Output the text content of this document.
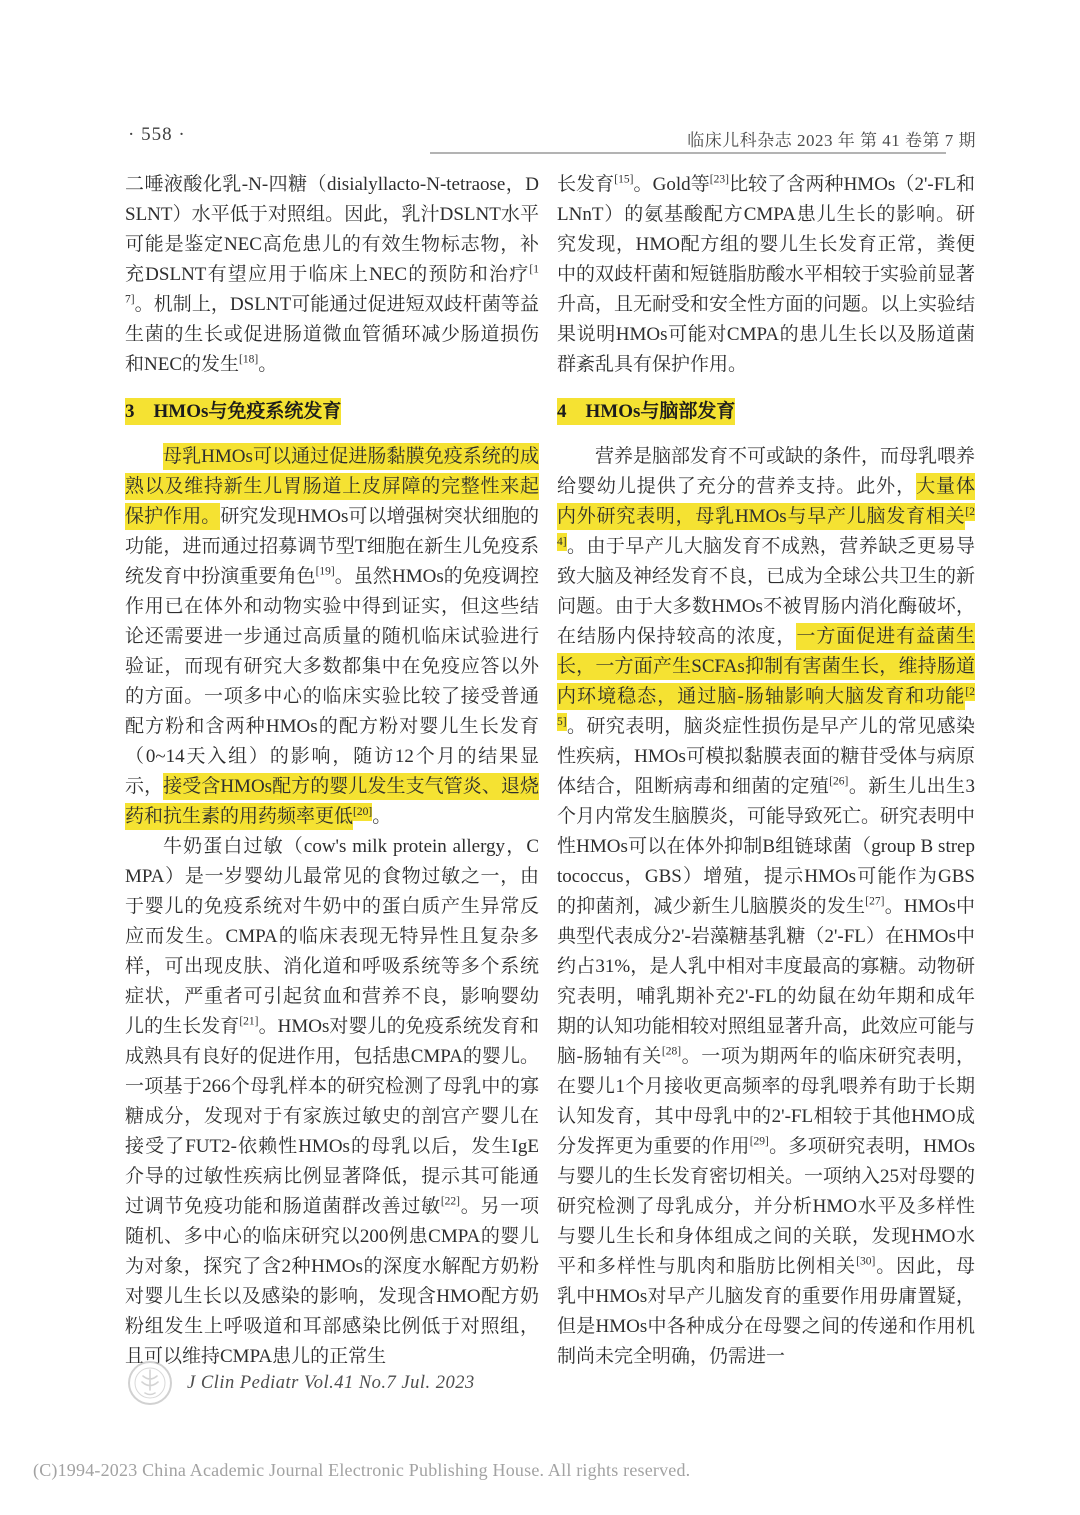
· 558 ·	临床儿科杂志 2023 年 第 41 卷第 7 期
二唾液酸化乳-N-四糖（disialyllacto-N-tetraose，DSLNT）水平低于对照组。因此，乳汁DSLNT水平可能是鉴定NEC高危患儿的有效生物标志物，补充DSLNT有望应用于临床上NEC的预防和治疗[17]。机制上，DSLNT可能通过促进短双歧杆菌等益生菌的生长或促进肠道微血管循环减少肠道损伤和NEC的发生[18]。
3　HMOs与免疫系统发育
母乳HMOs可以通过促进肠黏膜免疫系统的成熟以及维持新生儿胃肠道上皮屏障的完整性来起保护作用。研究发现HMOs可以增强树突状细胞的功能，进而通过招募调节型T细胞在新生儿免疫系统发育中扮演重要角色[19]。虽然HMOs的免疫调控作用已在体外和动物实验中得到证实，但这些结论还需要进一步通过高质量的随机临床试验进行验证，而现有研究大多数都集中在免疫应答以外的方面。一项多中心的临床实验比较了接受普通配方粉和含两种HMOs的配方粉对婴儿生长发育（0~14天入组）的影响，随访12个月的结果显示，接受含HMOs配方的婴儿发生支气管炎、退烧药和抗生素的用药频率更低[20]。
牛奶蛋白过敏（cow's milk protein allergy，CMPA）是一岁婴幼儿最常见的食物过敏之一，由于婴儿的免疫系统对牛奶中的蛋白质产生异常反应而发生。CMPA的临床表现无特异性且复杂多样，可出现皮肤、消化道和呼吸系统等多个系统症状，严重者可引起贫血和营养不良，影响婴幼儿的生长发育[21]。HMOs对婴儿的免疫系统发育和成熟具有良好的促进作用，包括患CMPA的婴儿。一项基于266个母乳样本的研究检测了母乳中的寡糖成分，发现对于有家族过敏史的剖宫产婴儿在接受了FUT2-依赖性HMOs的母乳以后，发生IgE介导的过敏性疾病比例显著降低，提示其可能通过调节免疫功能和肠道菌群改善过敏[22]。另一项随机、多中心的临床研究以200例患CMPA的婴儿为对象，探究了含2种HMOs的深度水解配方奶粉对婴儿生长以及感染的影响，发现含HMO配方奶粉组发生上呼吸道和耳部感染比例低于对照组，且可以维持CMPA患儿的正常生
长发育[15]。Gold等[23]比较了含两种HMOs（2'-FL和LNnT）的氨基酸配方CMPA患儿生长的影响。研究发现，HMO配方组的婴儿生长发育正常，粪便中的双歧杆菌和短链脂肪酸水平相较于实验前显著升高，且无耐受和安全性方面的问题。以上实验结果说明HMOs可能对CMPA的患儿生长以及肠道菌群紊乱具有保护作用。
4　HMOs与脑部发育
营养是脑部发育不可或缺的条件，而母乳喂养给婴幼儿提供了充分的营养支持。此外，大量体内外研究表明，母乳HMOs与早产儿脑发育相关[24]。由于早产儿大脑发育不成熟，营养缺乏更易导致大脑及神经发育不良，已成为全球公共卫生的新问题。由于大多数HMOs不被胃肠内消化酶破坏，在结肠内保持较高的浓度，一方面促进有益菌生长，一方面产生SCFAs抑制有害菌生长，维持肠道内环境稳态，通过脑-肠轴影响大脑发育和功能[25]。研究表明，脑炎症性损伤是早产儿的常见感染性疾病，HMOs可模拟黏膜表面的糖苷受体与病原体结合，阻断病毒和细菌的定殖[26]。新生儿出生3个月内常发生脑膜炎，可能导致死亡。研究表明中性HMOs可以在体外抑制B组链球菌（group B streptococcus，GBS）增殖，提示HMOs可能作为GBS的抑菌剂，减少新生儿脑膜炎的发生[27]。HMOs中典型代表成分2'-岩藻糖基乳糖（2'-FL）在HMOs中约占31%，是人乳中相对丰度最高的寡糖。动物研究表明，哺乳期补充2'-FL的幼鼠在幼年期和成年期的认知功能相较对照组显著升高，此效应可能与脑-肠轴有关[28]。一项为期两年的临床研究表明，在婴儿1个月接收更高频率的母乳喂养有助于长期认知发育，其中母乳中的2'-FL相较于其他HMO成分发挥更为重要的作用[29]。多项研究表明，HMOs与婴儿的生长发育密切相关。一项纳入25对母婴的研究检测了母乳成分，并分析HMO水平及多样性与婴儿生长和身体组成之间的关联，发现HMO水平和多样性与肌肉和脂肪比例相关[30]。因此，母乳中HMOs对早产儿脑发育的重要作用毋庸置疑，但是HMOs中各种成分在母婴之间的传递和作用机制尚未完全明确，仍需进一
J Clin Pediatr Vol.41 No.7 Jul. 2023
(C)1994-2023 China Academic Journal Electronic Publishing House. All rights reserved.
